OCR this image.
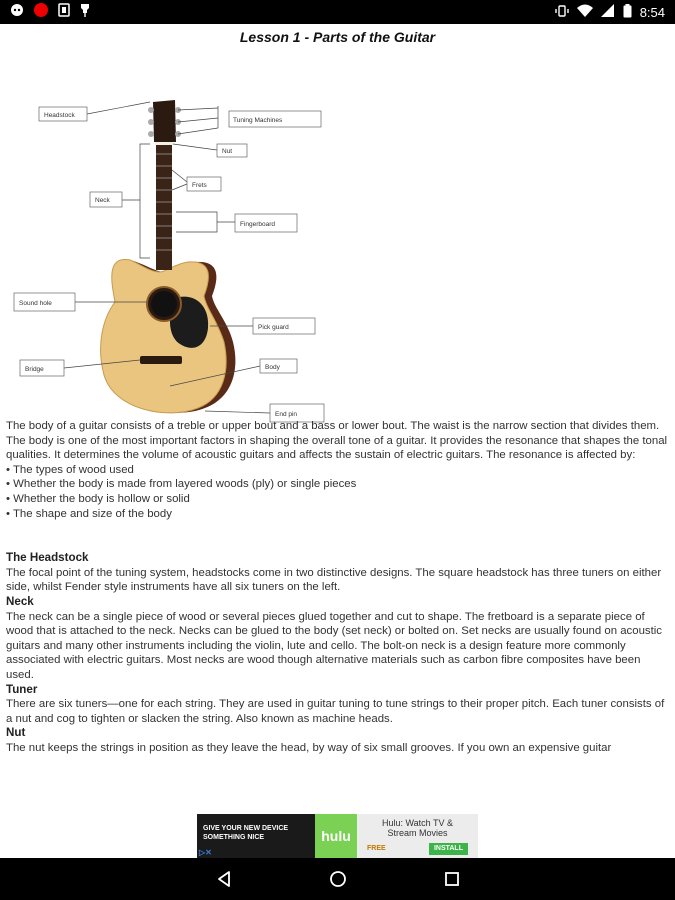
8:54
Lesson 1 - Parts of the Guitar
Headstock
Tuning Machines
Nut
Frets
Neck
Fingerboard
Sound hole
Pick guard
Bridge	Body
End pin

The body of a guitar consists of a treble or upper bout and a bass or lower bout. The waist is the narrow section that divides them. The body is one of the most important factors in shaping the overall tone of a guitar. It provides the resonance that shapes the tonal qualities. It determines the volume of acoustic guitars and affects the sustain of electric guitars. The resonance is affected by:

• The types of wood used
• Whether the body is made from layered woods (ply) or single pieces
• Whether the body is hollow or solid
• The shape and size of the body

The Headstock

The focal point of the tuning system, headstocks come in two distinctive designs. The square headstock has three tuners on either side, whilst Fender style instruments have all six tuners on the left.

Neck

The neck can be a single piece of wood or several pieces glued together and cut to shape. The fretboard is a separate piece of wood that is attached to the neck. Necks can be glued to the body (set neck) or bolted on. Set necks are usually found on acoustic guitars and many other instruments including the violin, lute and cello. The bolt-on neck is a design feature more commonly associated with electric guitars. Most necks are wood though alternative materials such as carbon fibre composites have been used.

Tuner

There are six tuners—one for each string. They are used in guitar tuning to tune strings to their proper pitch. Each tuner consists of a nut and cog to tighten or slacken the string. Also known as machine heads.

Nut

The nut keeps the strings in position as they leave the head, by way of six small grooves. If you own an expensive guitar

GIVE YOUR NEW DEVICE
SOMETHING NICE
▷✕
hulu
Hulu: Watch TV &
Stream Movies
FREE	INSTALL
